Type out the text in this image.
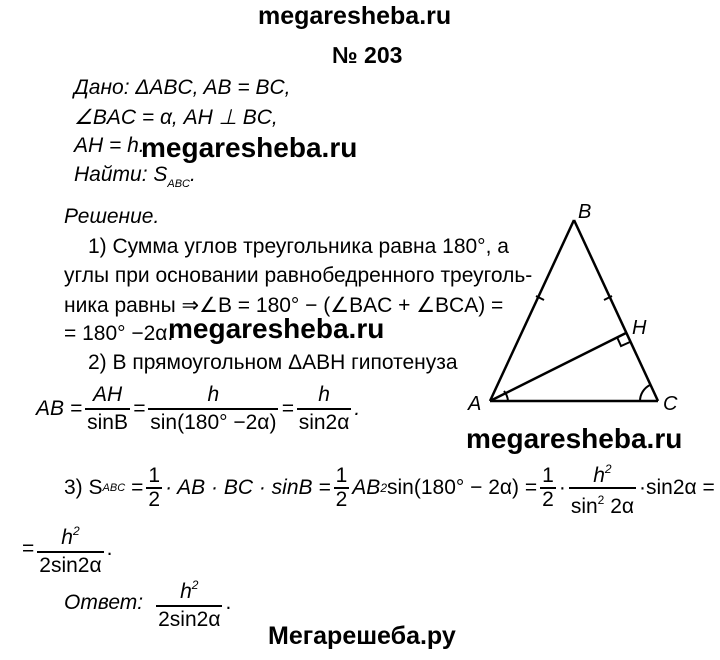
megaresheba.ru
megaresheba.ru
megaresheba.ru
megaresheba.ru
Мегарешеба.ру
№ 203
Дано: ΔABC, AB = BC,
∠BAC = α, AH ⊥ BC,
AH = h.
Найти: $S_{ABC}$.
Решение.
1) Сумма углов треугольника равна 180°, а
углы при основании равнобедренного треуголь-
ника равны ⇒∠B = 180° − (∠BAC + ∠BCA) =
= 180° −2α.
2) В прямоугольном ΔABH гипотенуза
AB = $\frac{AH}{\sin B} = \frac{h}{\sin(180^\circ -2\alpha)} = \frac{h}{\sin 2\alpha}$ .
3) S ABC = $\frac{1}{2}$ · AB · BC · $\sin B = \frac{1}{2}$ AB 2 $\sin(180^\circ - 2\alpha) = \frac{1}{2} \cdot \frac{h^2}{\sin^2 2\alpha} \cdot\sin 2\alpha$ =
= $\frac{h^2}{2\sin 2\alpha}$ .
Ответ: $\frac{h^2}{2\sin 2\alpha}$ .
B
A	C
H
